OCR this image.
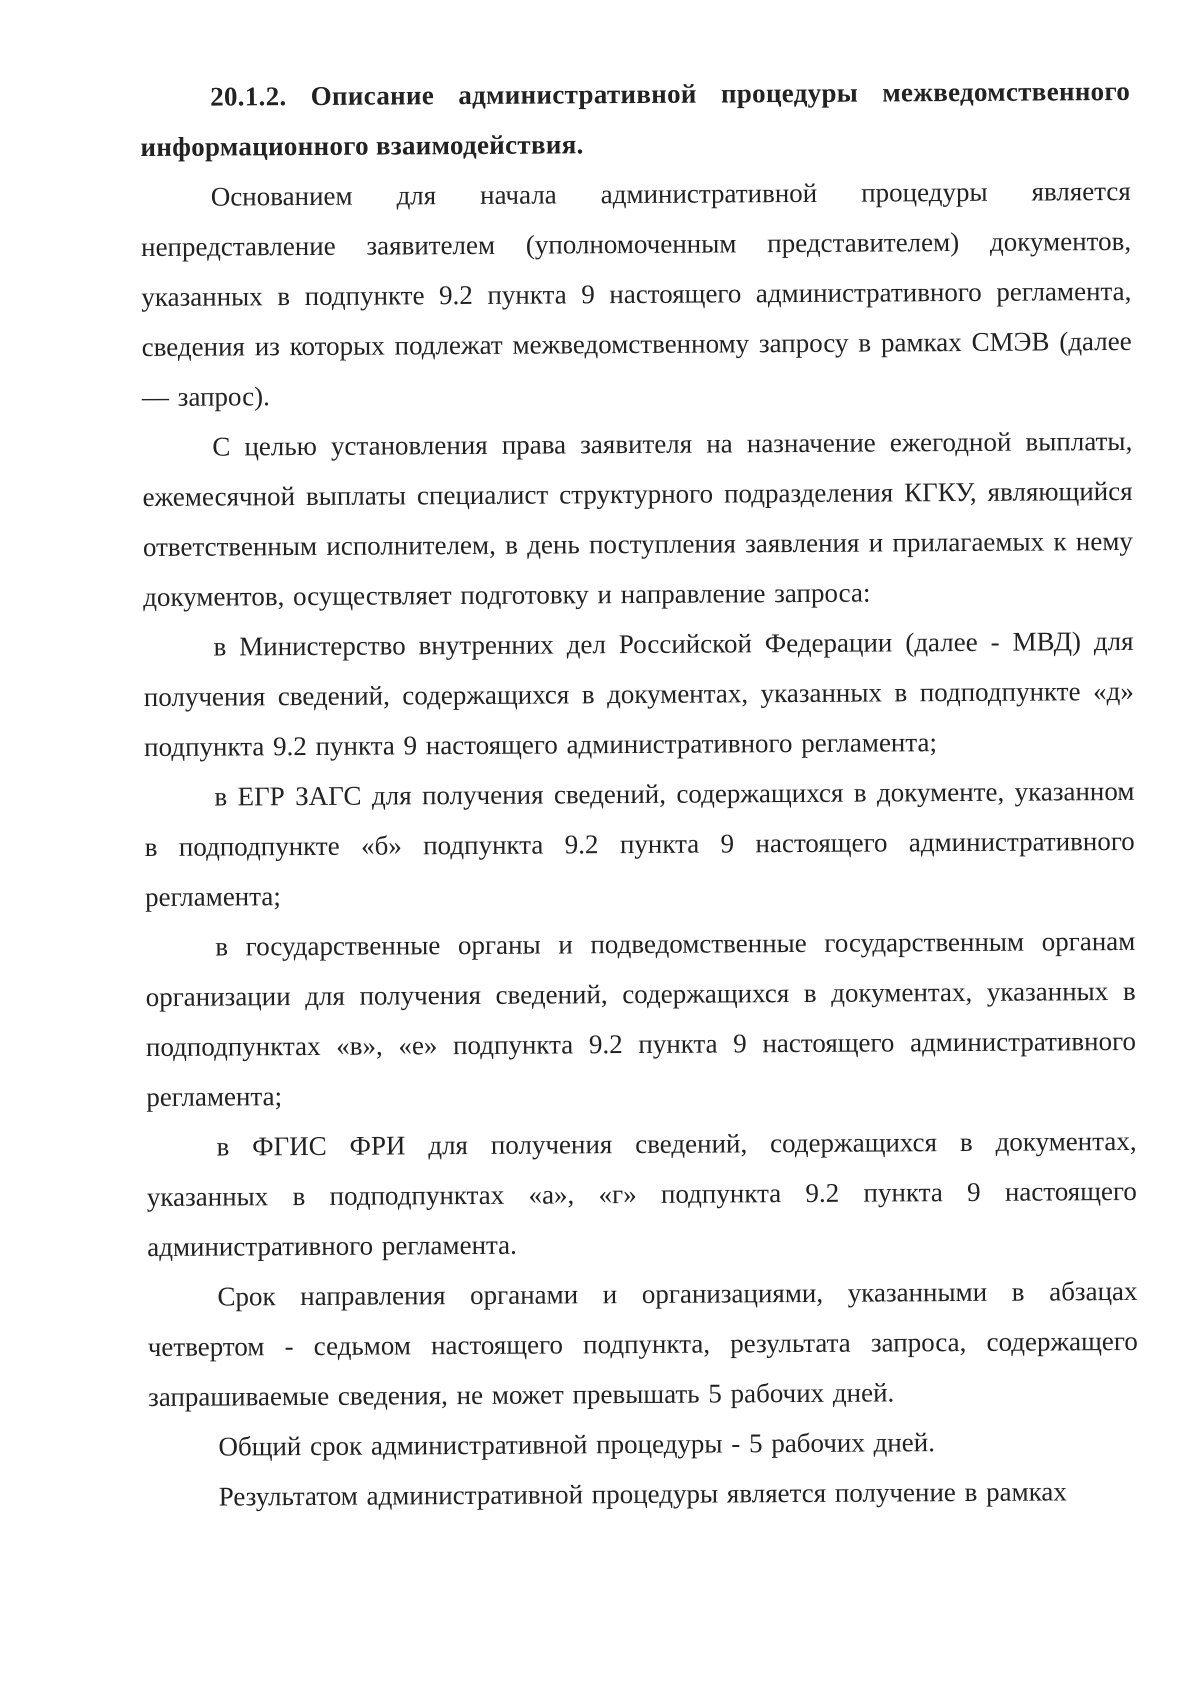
20.1.2. Описание административной процедуры межведомственного информационного взаимодействия.

Основанием для начала административной процедуры является непредставление заявителем (уполномоченным представителем) документов, указанных в подпункте 9.2 пункта 9 настоящего административного регламента, сведения из которых подлежат межведомственному запросу в рамках СМЭВ (далее — запрос).

С целью установления права заявителя на назначение ежегодной выплаты, ежемесячной выплаты специалист структурного подразделения КГКУ, являющийся ответственным исполнителем, в день поступления заявления и прилагаемых к нему документов, осуществляет подготовку и направление запроса:

в Министерство внутренних дел Российской Федерации (далее - МВД) для получения сведений, содержащихся в документах, указанных в подподпункте «д» подпункта 9.2 пункта 9 настоящего административного регламента;

в ЕГР ЗАГС для получения сведений, содержащихся в документе, указанном в подподпункте «б» подпункта 9.2 пункта 9 настоящего административного регламента;

в государственные органы и подведомственные государственным органам организации для получения сведений, содержащихся в документах, указанных в подподпунктах «в», «е» подпункта 9.2 пункта 9 настоящего административного регламента;

в ФГИС ФРИ для получения сведений, содержащихся в документах, указанных в подподпунктах «а», «г» подпункта 9.2 пункта 9 настоящего административного регламента.

Срок направления органами и организациями, указанными в абзацах четвертом - седьмом настоящего подпункта, результата запроса, содержащего запрашиваемые сведения, не может превышать 5 рабочих дней.

Общий срок административной процедуры - 5 рабочих дней.

Результатом административной процедуры является получение в рамках
